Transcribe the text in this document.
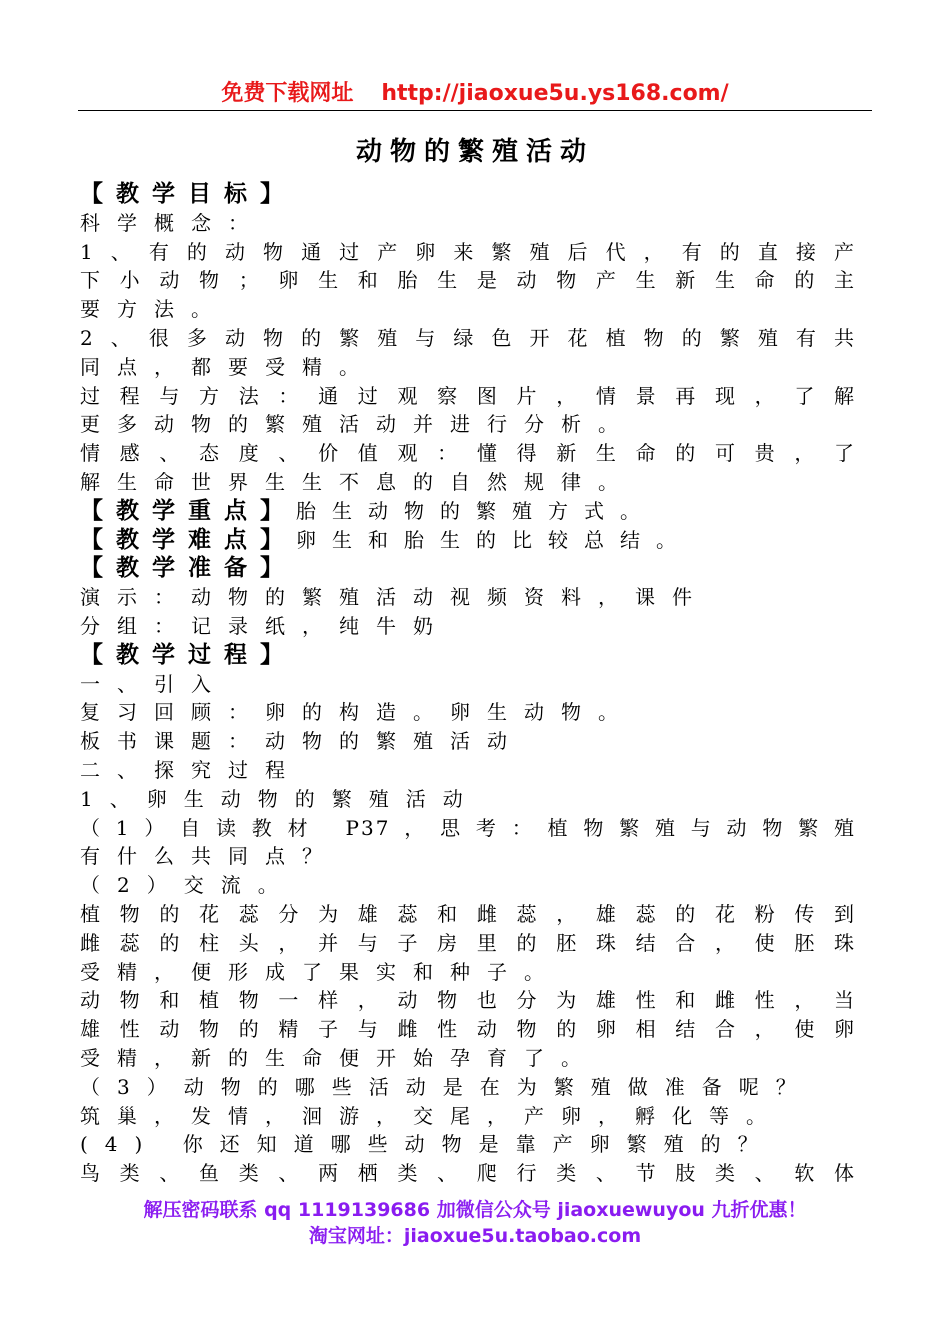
免费下载网址 http://jiaoxue5u.ys168.com/
动物的繁殖活动
【教学目标】
科学概念：
1、有的动物通过产卵来繁殖后代，有的直接产
下小动物；卵生和胎生是动物产生新生命的主
要方法。
2、很多动物的繁殖与绿色开花植物的繁殖有共
同点，都要受精。
过程与方法：通过观察图片，情景再现，了解
更多动物的繁殖活动并进行分析。
情感、态度、价值观：懂得新生命的可贵，了
解生命世界生生不息的自然规律。
【教学重点】胎生动物的繁殖方式。
【教学难点】卵生和胎生的比较总结。
【教学准备】
演示：动物的繁殖活动视频资料，课件
分组：记录纸，纯牛奶
【教学过程】
一、引入
复习回顾：卵的构造。卵生动物。
板书课题：动物的繁殖活动
二、探究过程
1、卵生动物的繁殖活动
（1）自读教材 P37，思考：植物繁殖与动物繁殖
有什么共同点？
（2）交流。
植物的花蕊分为雄蕊和雌蕊，雄蕊的花粉传到
雌蕊的柱头，并与子房里的胚珠结合，使胚珠
受精，便形成了果实和种子。
动物和植物一样，动物也分为雄性和雌性，当
雄性动物的精子与雌性动物的卵相结合，使卵
受精，新的生命便开始孕育了。
（3）动物的哪些活动是在为繁殖做准备呢？
筑巢，发情，洄游，交尾，产卵，孵化等。
(4) 你还知道哪些动物是靠产卵繁殖的？
鸟类、鱼类、两栖类、爬行类、节肢类、软体
解压密码联系 qq 1119139686 加微信公众号 jiaoxuewuyou 九折优惠！
淘宝网址：jiaoxue5u.taobao.com
